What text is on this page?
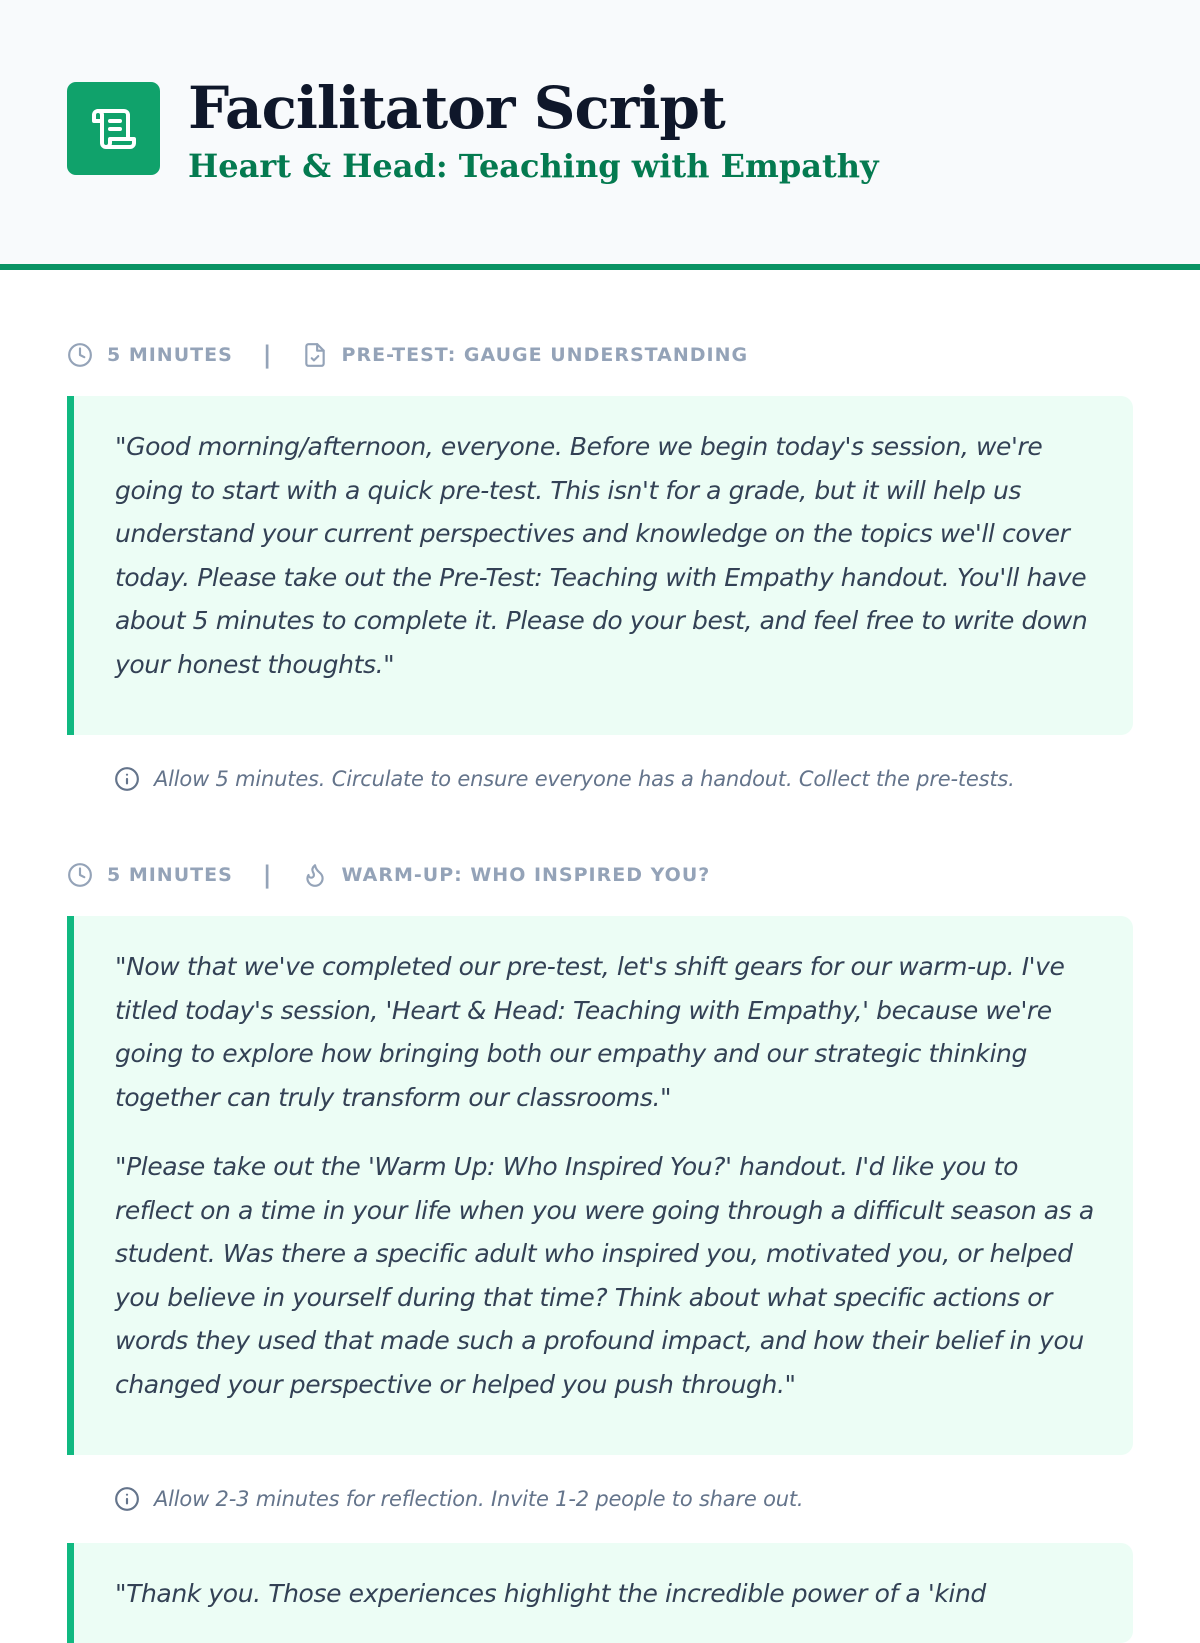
Facilitator Script
Heart & Head: Teaching with Empathy
5 MINUTES |	PRE-TEST: GAUGE UNDERSTANDING

"Good morning/afternoon, everyone. Before we begin today's session, we're going to start with a quick pre-test. This isn't for a grade, but it will help us understand your current perspectives and knowledge on the topics we'll cover today. Please take out the Pre-Test: Teaching with Empathy handout. You'll have about 5 minutes to complete it. Please do your best, and feel free to write down your honest thoughts."

Allow 5 minutes. Circulate to ensure everyone has a handout. Collect the pre-tests.
5 MINUTES |	WARM-UP: WHO INSPIRED YOU?

"Now that we've completed our pre-test, let's shift gears for our warm-up. I've titled today's session, 'Heart & Head: Teaching with Empathy,' because we're going to explore how bringing both our empathy and our strategic thinking together can truly transform our classrooms."

"Please take out the 'Warm Up: Who Inspired You?' handout. I'd like you to reflect on a time in your life when you were going through a difficult season as a student. Was there a specific adult who inspired you, motivated you, or helped you believe in yourself during that time? Think about what specific actions or words they used that made such a profound impact, and how their belief in you changed your perspective or helped you push through."

Allow 2-3 minutes for reflection. Invite 1-2 people to share out.

"Thank you. Those experiences highlight the incredible power of a 'kind
